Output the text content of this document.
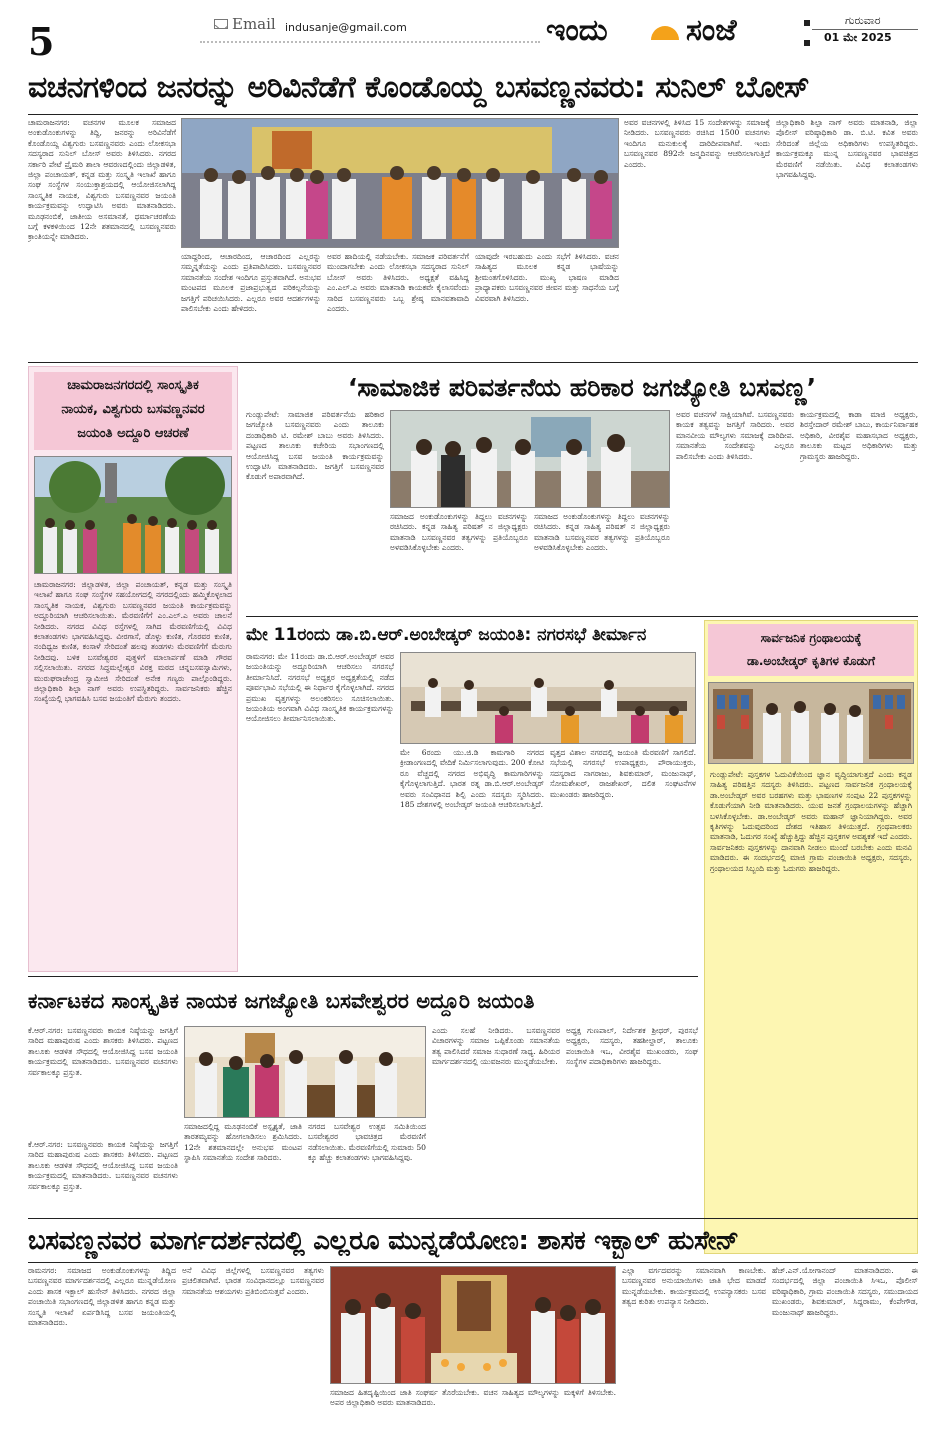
5	Email indusanje@gmail.com	ಇಂದು	ಸಂಜೆ	ಗುರುವಾರ
01 ಮೇ 2025
ವಚನಗಳಿಂದ ಜನರನ್ನು ಅರಿವಿನೆಡೆಗೆ ಕೊಂಡೊಯ್ದ ಬಸವಣ್ಣನವರು: ಸುನಿಲ್ ಬೋಸ್
ಚಾಮರಾಜನಗರ: ವಚನಗಳ ಮೂಲಕ ಸಮಾಜದ ಅಂಕುಡೊಂಕುಗಳನ್ನು ತಿದ್ದಿ, ಜನರನ್ನು ಅರಿವಿನೆಡೆಗೆ ಕೊಂಡೊಯ್ದ ವಿಶ್ವಗುರು ಬಸವಣ್ಣನವರು ಎಂದು ಲೋಕಸಭಾ ಸದಸ್ಯರಾದ ಸುನಿಲ್ ಬೋಸ್ ಅವರು ತಿಳಿಸಿದರು. ನಗರದ ಸರ್ಕಾರಿ ಪೇಟೆ ಪ್ರೈಮರಿ ಶಾಲಾ ಆವರಣದಲ್ಲಿಂದು ಜಿಲ್ಲಾಡಳಿತ, ಜಿಲ್ಲಾ ಪಂಚಾಯತ್, ಕನ್ನಡ ಮತ್ತು ಸಂಸ್ಕೃತಿ ಇಲಾಖೆ ಹಾಗೂ ಸಂಘ ಸಂಸ್ಥೆಗಳ ಸಂಯುಕ್ತಾಶ್ರಯದಲ್ಲಿ ಆಯೋಜಿಸಲಾಗಿದ್ದ ಸಾಂಸ್ಕೃತಿಕ ನಾಯಕ, ವಿಶ್ವಗುರು ಬಸವಣ್ಣನವರ ಜಯಂತಿ ಕಾರ್ಯಕ್ರಮವನ್ನು ಉದ್ಘಾಟಿಸಿ ಅವರು ಮಾತನಾಡಿದರು. ಮೂಢನಂಬಿಕೆ, ಜಾತೀಯ ಅಸಮಾನತೆ, ಧರ್ಮಾಚರಣೆಯ ಬಗ್ಗೆ ಕಳಕಳಿಯಿಂದ 12ನೇ ಶತಮಾನದಲ್ಲಿ ಬಸವಣ್ಣನವರು ಕ್ರಾಂತಿಯನ್ನೇ ಮಾಡಿದರು.
ಯಾದ್ದರಿಂದ, ಆಚಾರದಿಂದ, ಆಚಾರದಿಂದ ಎಲ್ಲರನ್ನು ಸಮ್ಮನ್ನತೆಯನ್ನು ಎಂದು ಪ್ರತಿಪಾದಿಸಿದರು. ಬಸವಣ್ಣನವರ ಸಮಾನತೆಯ ಸಂದೇಶ ಇಂದಿಗೂ ಪ್ರಸ್ತುತವಾಗಿದೆ. ಅನುಭವ ಮಂಟಪದ ಮೂಲಕ ಪ್ರಜಾಪ್ರಭುತ್ವದ ಪರಿಕಲ್ಪನೆಯನ್ನು ಜಗತ್ತಿಗೆ ಪರಿಚಯಿಸಿದರು. ಎಲ್ಲರೂ ಅವರ ಆದರ್ಶಗಳನ್ನು ಪಾಲಿಸಬೇಕು ಎಂದು ಹೇಳಿದರು.
ಅವರ ಹಾದಿಯಲ್ಲಿ ನಡೆಯಬೇಕು. ಸಮಾಜಕ ಪರಿವರ್ತನೆಗೆ ಮುಂದಾಗಬೇಕು ಎಂದು ಲೋಕಸಭಾ ಸದಸ್ಯರಾದ ಸುನಿಲ್ ಬೋಸ್ ಅವರು ತಿಳಿಸಿದರು. ಅಧ್ಯಕ್ಷತೆ ವಹಿಸಿದ್ದ ಎಂ.ಎಲ್.ಎ ಅವರು ಮಾತನಾಡಿ ಕಾಯಕವೇ ಕೈಲಾಸವೆಂದು ಸಾರಿದ ಬಸವಣ್ಣನವರು ಒಬ್ಬ ಶ್ರೇಷ್ಠ ಮಾನವತಾವಾದಿ ಎಂದರು.
ಯಾವುದೇ ಇರಬಹುದು ಎಂದು ಸಭೆಗೆ ತಿಳಿಸಿದರು. ವಚನ ಸಾಹಿತ್ಯದ ಮೂಲಕ ಕನ್ನಡ ಭಾಷೆಯನ್ನು ಶ್ರೀಮಂತಗೊಳಿಸಿದರು. ಮುಖ್ಯ ಭಾಷಣ ಮಾಡಿದ ಪ್ರಾಧ್ಯಾಪಕರು ಬಸವಣ್ಣನವರ ಜೀವನ ಮತ್ತು ಸಾಧನೆಯ ಬಗ್ಗೆ ವಿವರವಾಗಿ ತಿಳಿಸಿದರು.
ಅವರ ವಚನಗಳಲ್ಲಿ ತಿಳಿಸಿದ 15 ಸಂದೇಶಗಳನ್ನು ಸಮಾಜಕ್ಕೆ ನೀಡಿದರು. ಬಸವಣ್ಣನವರು ರಚಿಸಿದ 1500 ವಚನಗಳು ಇಂದಿಗೂ ಮನುಕುಲಕ್ಕೆ ದಾರಿದೀಪವಾಗಿವೆ. ಇಂದು ಬಸವಣ್ಣನವರ 892ನೇ ಜನ್ಮದಿನವನ್ನು ಆಚರಿಸಲಾಗುತ್ತಿದೆ ಎಂದರು.
ಜಿಲ್ಲಾಧಿಕಾರಿ ಶಿಲ್ಪಾ ನಾಗ್ ಅವರು ಮಾತನಾಡಿ, ಜಿಲ್ಲಾ ಪೊಲೀಸ್ ವರಿಷ್ಠಾಧಿಕಾರಿ ಡಾ. ಬಿ.ಟಿ. ಕವಿತ ಅವರು ಸೇರಿದಂತೆ ಜಿಲ್ಲೆಯ ಅಧಿಕಾರಿಗಳು ಉಪಸ್ಥಿತರಿದ್ದರು. ಕಾರ್ಯಕ್ರಮಕ್ಕೂ ಮುನ್ನ ಬಸವಣ್ಣನವರ ಭಾವಚಿತ್ರದ ಮೆರವಣಿಗೆ ನಡೆಯಿತು. ವಿವಿಧ ಕಲಾತಂಡಗಳು ಭಾಗವಹಿಸಿದ್ದವು.
ಚಾಮರಾಜನಗರದಲ್ಲಿ ಸಾಂಸ್ಕೃತಿಕ
ನಾಯಕ, ವಿಶ್ವಗುರು ಬಸವಣ್ಣನವರ
ಜಯಂತಿ ಅದ್ದೂರಿ ಆಚರಣೆ
ಚಾಮರಾಜನಗರ: ಜಿಲ್ಲಾಡಳಿತ, ಜಿಲ್ಲಾ ಪಂಚಾಯತ್, ಕನ್ನಡ ಮತ್ತು ಸಂಸ್ಕೃತಿ ಇಲಾಖೆ ಹಾಗೂ ಸಂಘ ಸಂಸ್ಥೆಗಳ ಸಹಯೋಗದಲ್ಲಿ ನಗರದಲ್ಲಿಂದು ಹಮ್ಮಿಕೊಳ್ಳಲಾದ ಸಾಂಸ್ಕೃತಿಕ ನಾಯಕ, ವಿಶ್ವಗುರು ಬಸವಣ್ಣನವರ ಜಯಂತಿ ಕಾರ್ಯಕ್ರಮವನ್ನು ಅದ್ದೂರಿಯಾಗಿ ಆಚರಿಸಲಾಯಿತು. ಮೆರವಣಿಗೆಗೆ ಎಂ.ಎಲ್.ಎ ಅವರು ಚಾಲನೆ ನೀಡಿದರು. ನಗರದ ವಿವಿಧ ರಸ್ತೆಗಳಲ್ಲಿ ಸಾಗಿದ ಮೆರವಣಿಗೆಯಲ್ಲಿ ವಿವಿಧ ಕಲಾತಂಡಗಳು ಭಾಗವಹಿಸಿದ್ದವು. ವೀರಗಾಸೆ, ಡೊಳ್ಳು ಕುಣಿತ, ಗೊರವರ ಕುಣಿತ, ನಂದಿಧ್ವಜ ಕುಣಿತ, ಕಂಸಾಳೆ ಸೇರಿದಂತೆ ಹಲವು ತಂಡಗಳು ಮೆರವಣಿಗೆಗೆ ಮೆರುಗು ನೀಡಿದವು. ಬಳಿಕ ಬಸವೇಶ್ವರರ ಪುತ್ಥಳಿಗೆ ಮಾಲಾರ್ಪಣೆ ಮಾಡಿ ಗೌರವ ಸಲ್ಲಿಸಲಾಯಿತು. ನಗರದ ಸಿದ್ಧಮಲ್ಲೇಶ್ವರ ವಿರಕ್ತ ಮಠದ ಚನ್ನಬಸವಸ್ವಾಮಿಗಳು, ಮುರುಘರಾಜೇಂದ್ರ ಸ್ವಾಮೀಜಿ ಸೇರಿದಂತೆ ಅನೇಕ ಗಣ್ಯರು ಪಾಲ್ಗೊಂಡಿದ್ದರು. ಜಿಲ್ಲಾಧಿಕಾರಿ ಶಿಲ್ಪಾ ನಾಗ್ ಅವರು ಉಪಸ್ಥಿತರಿದ್ದರು. ಸಾರ್ವಜನಿಕರು ಹೆಚ್ಚಿನ ಸಂಖ್ಯೆಯಲ್ಲಿ ಭಾಗವಹಿಸಿ ಬಸವ ಜಯಂತಿಗೆ ಮೆರುಗು ತಂದರು.
‘ಸಾಮಾಜಿಕ ಪರಿವರ್ತನೆಯ ಹರಿಕಾರ ಜಗಜ್ಯೋತಿ ಬಸವಣ್ಣ’
ಗುಂಡ್ಲುಪೇಟೆ: ಸಾಮಾಜಿಕ ಪರಿವರ್ತನೆಯ ಹರಿಕಾರ ಜಗಜ್ಯೋತಿ ಬಸವಣ್ಣನವರು ಎಂದು ತಾಲೂಕು ದಂಡಾಧಿಕಾರಿ ಟಿ. ರಮೇಶ್ ಬಾಬು ಅವರು ತಿಳಿಸಿದರು. ಪಟ್ಟಣದ ತಾಲೂಕು ಕಚೇರಿಯ ಸಭಾಂಗಣದಲ್ಲಿ ಆಯೋಜಿಸಿದ್ದ ಬಸವ ಜಯಂತಿ ಕಾರ್ಯಕ್ರಮವನ್ನು ಉದ್ಘಾಟಿಸಿ ಮಾತನಾಡಿದರು. ಜಗತ್ತಿಗೆ ಬಸವಣ್ಣನವರ ಕೊಡುಗೆ ಅಪಾರವಾಗಿದೆ.
ಸಮಾಜದ ಅಂಕುಡೊಂಕುಗಳನ್ನು ತಿದ್ದಲು ವಚನಗಳನ್ನು ರಚಿಸಿದರು. ಕನ್ನಡ ಸಾಹಿತ್ಯ ಪರಿಷತ್ ನ ಜಿಲ್ಲಾಧ್ಯಕ್ಷರು ಮಾತನಾಡಿ ಬಸವಣ್ಣನವರ ತತ್ವಗಳನ್ನು ಪ್ರತಿಯೊಬ್ಬರೂ ಅಳವಡಿಸಿಕೊಳ್ಳಬೇಕು ಎಂದರು.
ಸಮಾಜದ ಅಂಕುಡೊಂಕುಗಳನ್ನು ತಿದ್ದಲು ವಚನಗಳನ್ನು ರಚಿಸಿದರು. ಕನ್ನಡ ಸಾಹಿತ್ಯ ಪರಿಷತ್ ನ ಜಿಲ್ಲಾಧ್ಯಕ್ಷರು ಮಾತನಾಡಿ ಬಸವಣ್ಣನವರ ತತ್ವಗಳನ್ನು ಪ್ರತಿಯೊಬ್ಬರೂ ಅಳವಡಿಸಿಕೊಳ್ಳಬೇಕು ಎಂದರು.
ಅವರ ವಚನಗಳೆ ಸಾಕ್ಷಿಯಾಗಿವೆ. ಬಸವಣ್ಣನವರು ಕಾಯಕ ತತ್ವವನ್ನು ಜಗತ್ತಿಗೆ ಸಾರಿದರು. ಅವರ ಮಾನವೀಯ ಮೌಲ್ಯಗಳು ಸಮಾಜಕ್ಕೆ ದಾರಿದೀಪ. ಸಮಾನತೆಯ ಸಂದೇಶವನ್ನು ಎಲ್ಲರೂ ಪಾಲಿಸಬೇಕು ಎಂದು ತಿಳಿಸಿದರು.
ಕಾರ್ಯಕ್ರಮದಲ್ಲಿ ಕಾಡಾ ಮಾಜಿ ಅಧ್ಯಕ್ಷರು, ಶಿರಸ್ತೇದಾರ್ ರಮೇಶ್ ಬಾಬು, ಕಾರ್ಯನಿರ್ವಾಹಕ ಅಧಿಕಾರಿ, ವೀರಶೈವ ಮಹಾಸಭಾದ ಅಧ್ಯಕ್ಷರು, ತಾಲೂಕು ಮಟ್ಟದ ಅಧಿಕಾರಿಗಳು ಮತ್ತು ಗ್ರಾಮಸ್ಥರು ಹಾಜರಿದ್ದರು.
ಮೇ 11ರಂದು ಡಾ.ಬಿ.ಆರ್.ಅಂಬೇಡ್ಕರ್ ಜಯಂತಿ: ನಗರಸಭೆ ತೀರ್ಮಾನ
ರಾಮನಗರ: ಮೇ 11ರಂದು ಡಾ.ಬಿ.ಆರ್.ಅಂಬೇಡ್ಕರ್ ಅವರ ಜಯಂತಿಯನ್ನು ಅದ್ದೂರಿಯಾಗಿ ಆಚರಿಸಲು ನಗರಸಭೆ ತೀರ್ಮಾನಿಸಿದೆ. ನಗರಸಭೆ ಅಧ್ಯಕ್ಷರ ಅಧ್ಯಕ್ಷತೆಯಲ್ಲಿ ನಡೆದ ಪೂರ್ವಭಾವಿ ಸಭೆಯಲ್ಲಿ ಈ ನಿರ್ಧಾರ ಕೈಗೊಳ್ಳಲಾಗಿದೆ. ನಗರದ ಪ್ರಮುಖ ವೃತ್ತಗಳನ್ನು ಅಲಂಕರಿಸಲು ಸೂಚಿಸಲಾಯಿತು. ಜಯಂತಿಯ ಅಂಗವಾಗಿ ವಿವಿಧ ಸಾಂಸ್ಕೃತಿಕ ಕಾರ್ಯಕ್ರಮಗಳನ್ನು ಆಯೋಜಿಸಲು ತೀರ್ಮಾನಿಸಲಾಯಿತು.
ಮೇ 6ರಂದು ಯು.ಜಿ.ಡಿ ಕಾಮಗಾರಿ ನಗರದ ಕ್ರೀಡಾಂಗಣದಲ್ಲಿ ವೇದಿಕೆ ನಿರ್ಮಿಸಲಾಗುವುದು. 200 ಕೋಟಿ ರೂ ವೆಚ್ಚದಲ್ಲಿ ನಗರದ ಅಭಿವೃದ್ಧಿ ಕಾಮಗಾರಿಗಳನ್ನು ಕೈಗೊಳ್ಳಲಾಗುತ್ತಿದೆ. ಭಾರತ ರತ್ನ ಡಾ.ಬಿ.ಆರ್.ಅಂಬೇಡ್ಕರ್ ಅವರು ಸಂವಿಧಾನದ ಶಿಲ್ಪಿ ಎಂದು ಸದಸ್ಯರು ಸ್ಮರಿಸಿದರು. 185 ದೇಶಗಳಲ್ಲಿ ಅಂಬೇಡ್ಕರ್ ಜಯಂತಿ ಆಚರಿಸಲಾಗುತ್ತಿದೆ.
ವೃತ್ತದ ವಿಶಾಲ ನಗರದಲ್ಲಿ ಜಯಂತಿ ಮೆರವಣಿಗೆ ಸಾಗಲಿದೆ. ಸಭೆಯಲ್ಲಿ ನಗರಸಭೆ ಉಪಾಧ್ಯಕ್ಷರು, ಪೌರಾಯುಕ್ತರು, ಸದಸ್ಯರಾದ ನಾಗರಾಜು, ಶಿವಕುಮಾರ್, ಮಂಜುನಾಥ್, ಸೋಮಶೇಖರ್, ರಾಜಶೇಖರ್, ದಲಿತ ಸಂಘಟನೆಗಳ ಮುಖಂಡರು ಹಾಜರಿದ್ದರು.
ಸಾರ್ವಜನಿಕ ಗ್ರಂಥಾಲಯಕ್ಕೆ
ಡಾ.ಅಂಬೇಡ್ಕರ್ ಕೃತಿಗಳ ಕೊಡುಗೆ
ಗುಂಡ್ಲುಪೇಟೆ: ಪುಸ್ತಕಗಳ ಓದುವಿಕೆಯಿಂದ ಜ್ಞಾನ ವೃದ್ಧಿಯಾಗುತ್ತದೆ ಎಂದು ಕನ್ನಡ ಸಾಹಿತ್ಯ ಪರಿಷತ್ತಿನ ಸದಸ್ಯರು ತಿಳಿಸಿದರು. ಪಟ್ಟಣದ ಸಾರ್ವಜನಿಕ ಗ್ರಂಥಾಲಯಕ್ಕೆ ಡಾ.ಅಂಬೇಡ್ಕರ್ ಅವರ ಬರಹಗಳು ಮತ್ತು ಭಾಷಣಗಳ ಸಂಪುಟ 22 ಪುಸ್ತಕಗಳನ್ನು ಕೊಡುಗೆಯಾಗಿ ನೀಡಿ ಮಾತನಾಡಿದರು. ಯುವ ಜನತೆ ಗ್ರಂಥಾಲಯಗಳನ್ನು ಹೆಚ್ಚಾಗಿ ಬಳಸಿಕೊಳ್ಳಬೇಕು. ಡಾ.ಅಂಬೇಡ್ಕರ್ ಅವರು ಮಹಾನ್ ಜ್ಞಾನಿಯಾಗಿದ್ದರು. ಅವರ ಕೃತಿಗಳನ್ನು ಓದುವುದರಿಂದ ದೇಶದ ಇತಿಹಾಸ ತಿಳಿಯುತ್ತದೆ. ಗ್ರಂಥಪಾಲಕರು ಮಾತನಾಡಿ, ಓದುಗರ ಸಂಖ್ಯೆ ಹೆಚ್ಚುತ್ತಿದ್ದು ಹೆಚ್ಚಿನ ಪುಸ್ತಕಗಳ ಅವಶ್ಯಕತೆ ಇದೆ ಎಂದರು. ಸಾರ್ವಜನಿಕರು ಪುಸ್ತಕಗಳನ್ನು ದಾನವಾಗಿ ನೀಡಲು ಮುಂದೆ ಬರಬೇಕು ಎಂದು ಮನವಿ ಮಾಡಿದರು. ಈ ಸಂದರ್ಭದಲ್ಲಿ ಮಾಜಿ ಗ್ರಾಮ ಪಂಚಾಯಿತಿ ಅಧ್ಯಕ್ಷರು, ಸದಸ್ಯರು, ಗ್ರಂಥಾಲಯದ ಸಿಬ್ಬಂದಿ ಮತ್ತು ಓದುಗರು ಹಾಜರಿದ್ದರು.
ಕರ್ನಾಟಕದ ಸಾಂಸ್ಕೃತಿಕ ನಾಯಕ ಜಗಜ್ಯೋತಿ ಬಸವೇಶ್ವರರ ಅದ್ದೂರಿ ಜಯಂತಿ
ಕೆ.ಆರ್.ನಗರ: ಬಸವಣ್ಣನವರು ಕಾಯಕ ನಿಷ್ಠೆಯನ್ನು ಜಗತ್ತಿಗೆ ಸಾರಿದ ಮಹಾಪುರುಷ ಎಂದು ಶಾಸಕರು ತಿಳಿಸಿದರು. ಪಟ್ಟಣದ ತಾಲೂಕು ಆಡಳಿತ ಸೌಧದಲ್ಲಿ ಆಯೋಜಿಸಿದ್ದ ಬಸವ ಜಯಂತಿ ಕಾರ್ಯಕ್ರಮದಲ್ಲಿ ಮಾತನಾಡಿದರು. ಬಸವಣ್ಣನವರ ವಚನಗಳು ಸರ್ವಕಾಲಕ್ಕೂ ಪ್ರಸ್ತುತ.
ಎಂದು ಸಲಹೆ ನೀಡಿದರು. ಬಸವಣ್ಣನವರ ವಿಚಾರಗಳನ್ನು ಸಮಾಜ ಒಪ್ಪಿಕೊಂಡು ಸಮಾನತೆಯ ತತ್ವ ಪಾಲಿಸಿದರೆ ಸಮಾಜ ಸುಧಾರಣೆ ಸಾಧ್ಯ. ಹಿರಿಯರ ಮಾರ್ಗದರ್ಶನದಲ್ಲಿ ಯುವಜನರು ಮುನ್ನಡೆಯಬೇಕು.
ಅಧ್ಯಕ್ಷ ಗುಣಪಾಲ್, ನಿರ್ದೇಶಕ ಶ್ರೀಧರ್, ಪುರಸಭೆ ಅಧ್ಯಕ್ಷರು, ಸದಸ್ಯರು, ತಹಶೀಲ್ದಾರ್, ತಾಲೂಕು ಪಂಚಾಯಿತಿ ಇಒ, ವೀರಶೈವ ಮುಖಂಡರು, ಸಂಘ ಸಂಸ್ಥೆಗಳ ಪದಾಧಿಕಾರಿಗಳು ಹಾಜರಿದ್ದರು.
ಕೆ.ಆರ್.ನಗರ: ಬಸವಣ್ಣನವರು ಕಾಯಕ ನಿಷ್ಠೆಯನ್ನು ಜಗತ್ತಿಗೆ ಸಾರಿದ ಮಹಾಪುರುಷ ಎಂದು ಶಾಸಕರು ತಿಳಿಸಿದರು. ಪಟ್ಟಣದ ತಾಲೂಕು ಆಡಳಿತ ಸೌಧದಲ್ಲಿ ಆಯೋಜಿಸಿದ್ದ ಬಸವ ಜಯಂತಿ ಕಾರ್ಯಕ್ರಮದಲ್ಲಿ ಮಾತನಾಡಿದರು. ಬಸವಣ್ಣನವರ ವಚನಗಳು ಸರ್ವಕಾಲಕ್ಕೂ ಪ್ರಸ್ತುತ.
ಸಮಾಜದಲ್ಲಿದ್ದ ಮೂಢನಂಬಿಕೆ ಅಸ್ಪೃಶ್ಯತೆ, ಜಾತಿ ತಾರತಮ್ಯವನ್ನು ಹೋಗಲಾಡಿಸಲು ಶ್ರಮಿಸಿದರು. 12ನೇ ಶತಮಾನದಲ್ಲೇ ಅನುಭವ ಮಂಟಪ ಸ್ಥಾಪಿಸಿ ಸಮಾನತೆಯ ಸಂದೇಶ ಸಾರಿದರು.
ನಗರದ ಬಸವೇಶ್ವರ ಉತ್ಸವ ಸಮಿತಿಯಿಂದ ಬಸವೇಶ್ವರರ ಭಾವಚಿತ್ರದ ಮೆರವಣಿಗೆ ನಡೆಸಲಾಯಿತು. ಮೆರವಣಿಗೆಯಲ್ಲಿ ಸುಮಾರು 50 ಕ್ಕೂ ಹೆಚ್ಚು ಕಲಾತಂಡಗಳು ಭಾಗವಹಿಸಿದ್ದವು.
ಬಸವಣ್ಣನವರ ಮಾರ್ಗದರ್ಶನದಲ್ಲಿ ಎಲ್ಲರೂ ಮುನ್ನಡೆಯೋಣ: ಶಾಸಕ ಇಕ್ಬಾಲ್ ಹುಸೇನ್
ರಾಮನಗರ: ಸಮಾಜದ ಅಂಕುಡೊಂಕುಗಳನ್ನು ತಿದ್ದಿದ ಬಸವಣ್ಣನವರ ಮಾರ್ಗದರ್ಶನದಲ್ಲಿ ಎಲ್ಲರೂ ಮುನ್ನಡೆಯೋಣ ಎಂದು ಶಾಸಕ ಇಕ್ಬಾಲ್ ಹುಸೇನ್ ತಿಳಿಸಿದರು. ನಗರದ ಜಿಲ್ಲಾ ಪಂಚಾಯಿತಿ ಸಭಾಂಗಣದಲ್ಲಿ ಜಿಲ್ಲಾಡಳಿತ ಹಾಗೂ ಕನ್ನಡ ಮತ್ತು ಸಂಸ್ಕೃತಿ ಇಲಾಖೆ ಏರ್ಪಡಿಸಿದ್ದ ಬಸವ ಜಯಂತಿಯಲ್ಲಿ ಮಾತನಾಡಿದರು.
ಅನೆ ವಿವಿಧ ಜಿಲ್ಲೆಗಳಲ್ಲಿ ಬಸವಣ್ಣನವರ ತತ್ವಗಳು ಪ್ರಚಲಿತವಾಗಿವೆ. ಭಾರತ ಸಂವಿಧಾನದಲ್ಲೂ ಬಸವಣ್ಣನವರ ಸಮಾನತೆಯ ಆಶಯಗಳು ಪ್ರತಿಬಿಂಬಿಸುತ್ತವೆ ಎಂದರು.
ಸಮಾಜದ ಹಿತದೃಷ್ಟಿಯಿಂದ ಜಾತಿ ಸಂಘರ್ಷ ತೊರೆಯಬೇಕು. ವಚನ ಸಾಹಿತ್ಯದ ಮೌಲ್ಯಗಳನ್ನು ಮಕ್ಕಳಿಗೆ ತಿಳಿಸಬೇಕು. ಅಪರ ಜಿಲ್ಲಾಧಿಕಾರಿ ಅವರು ಮಾತನಾಡಿದರು.
ಎಲ್ಲಾ ವರ್ಗದವರನ್ನು ಸಮಾನವಾಗಿ ಕಾಣಬೇಕು. ಬಸವಣ್ಣನವರ ಅನುಯಾಯಿಗಳು ಜಾತಿ ಭೇದ ಮಾಡದೆ ಮುನ್ನಡೆಯಬೇಕು. ಕಾರ್ಯಕ್ರಮದಲ್ಲಿ ಉಪನ್ಯಾಸಕರು ಬಸವ ತತ್ವದ ಕುರಿತು ಉಪನ್ಯಾಸ ನೀಡಿದರು.
ಹೆಚ್.ಎನ್.ಯೋಗಾನಂದ್ ಮಾತನಾಡಿದರು. ಈ ಸಂದರ್ಭದಲ್ಲಿ ಜಿಲ್ಲಾ ಪಂಚಾಯಿತಿ ಸಿಇಒ, ಪೊಲೀಸ್ ವರಿಷ್ಠಾಧಿಕಾರಿ, ಗ್ರಾಮ ಪಂಚಾಯಿತಿ ಸದಸ್ಯರು, ಸಮುದಾಯದ ಮುಖಂಡರು, ಶಿವಕುಮಾರ್, ಸಿದ್ದರಾಮು, ಕೆಂಪೇಗೌಡ, ಮಂಜುನಾಥ್ ಹಾಜರಿದ್ದರು.
